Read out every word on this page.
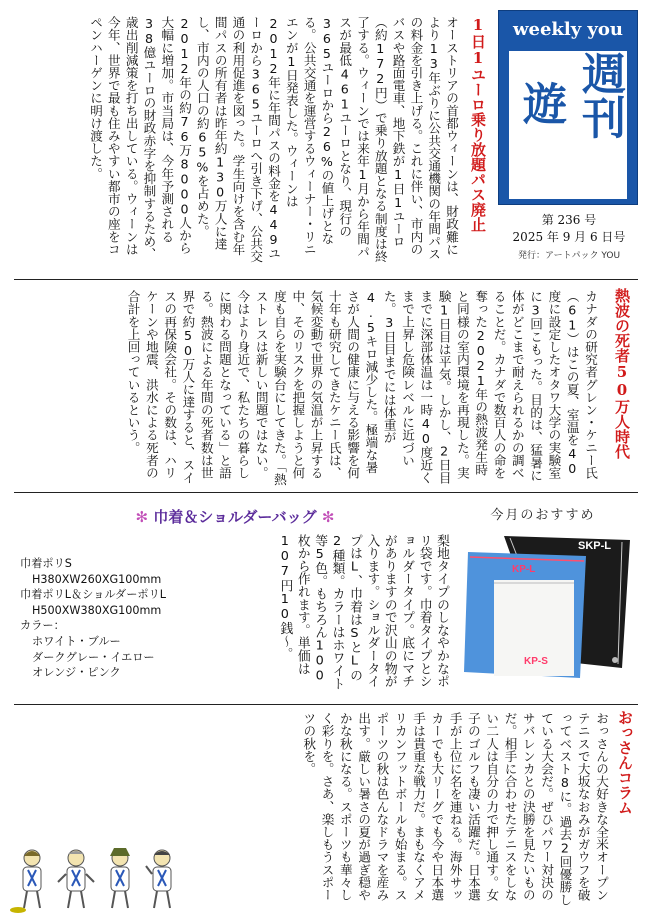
オーストリアの首都ウィーンは、財政難により13年ぶりに公共交通機関の年間パスの料金を引き上げる。これに伴い、市内のバスや路面電車、地下鉄が1日1ユーロ（約172円）で乗り放題となる制度は終了する。ウィーンでは来年1月から年間パスが最低461ユーロとなり、現行の365ユーロから26%の値上げとなる。公共交通を運営するウィーナー・リニエンが1日発表した。ウィーンは2012年に年間パスの料金を449ユーロから365ユーロへ引き下げ、公共交通の利用促進を図った。学生向けを含む年間パスの所有者は昨年約130万人に達し、市内の人口の約65%を占めた。2012年の約76万8000人から大幅に増加。市当局は、今年予測される38億ユーロの財政赤字を抑制するため、歳出削減策を打ち出している。ウィーンは今年、世界で最も住みやすい都市の座をコペンハーゲンに明け渡した。	1日1ユーロ乗り放題パス廃止	weekly you
週刊
遊
第 236 号
2025 年 9 月 6 日号
発行：アートパック YOU
カナダの研究者グレン・ケニー氏（61）はこの夏、室温を40度に設定したオタワ大学の実験室に3回こもった。目的は、猛暑に体がどこまで耐えられるかの調べることだ。カナダで数百人の命を奪った2021年の熱波発生時と同様の室内環境を再現した。実験1日目は平気。しかし、2日目までに深部体温は一時40度近くまで上昇し危険レベルに近づいた。3日目までには体重が4.5キロ減少した。極端な暑さが人間の健康に与える影響を何十年も研究してきたケニー氏は、気候変動で世界の気温が上昇する中、そのリスクを把握しようと何度も自らを実験台にしてきた。「熱ストレスは新しい問題ではない。今はより身近で、私たちの暮らしに関わる問題となっている」と語る。熱波による年間の死者数は世界で約50万人に達すると、スイスの再保険会社。その数は、ハリケーンや地震、洪水による死者の合計を上回っているという。	熱波の死者50万人時代
✻ 巾着＆ショルダーバッグ ✻	今月のおすすめ
巾着ポリS
H380XW260XG100mm
巾着ポリL＆ショルダーポリL
H500XW380XG100mm
カラー：
ホワイト・ブルー
ダークグレー・イエロー
オレンジ・ピンク	梨地タイプのしなやかなポリ袋です。巾着タイプとショルダータイプ。底にマチがありますので沢山の物が入ります。ショルダータイプはL、巾着はSとLの2種類。カラーはホワイト等5色。もちろん100枚から作れます。単価は107円10銭〜。	SKP-L
KP-L
KP-S
おっさんの大好きな全米オープンテニスで大坂なおみがガウフを破ってベスト8に。過去2回優勝している大会だ。ぜひパワー対決のサバレンカとの決勝を見たいものだ。相手に合わせたテニスをしない二人は自分の力で押し通す。女子のゴルフも凄い活躍だ。日本選手が上位に名を連ねる。海外サッカーでも大リーグでも今や日本選手は貴重な戦力だ。まもなくアメリカンフットボールも始まる。スポーツの秋は色んなドラマを産み出す。厳しい暑さの夏が過ぎ穏やかな秋になる。スポーツも華々しく彩りを。さあ、楽しもうスポーツの秋を。	おっさんコラム
